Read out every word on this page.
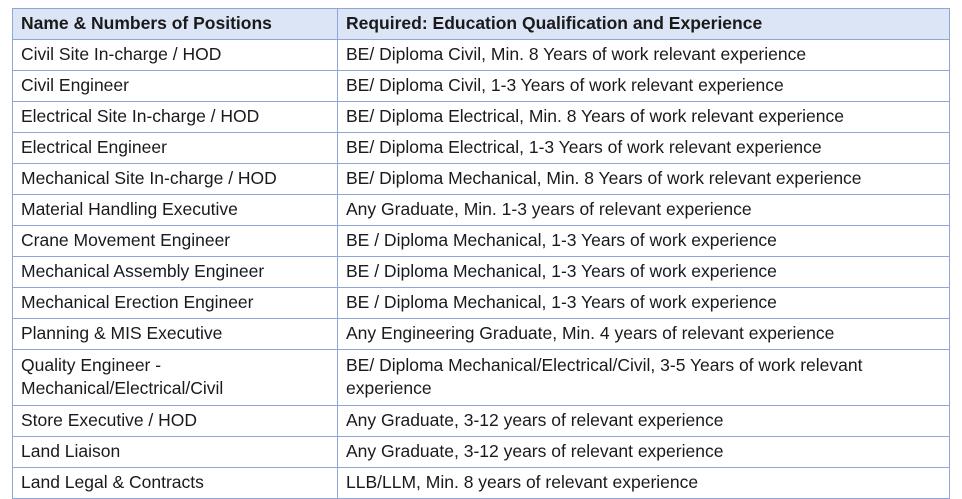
Name & Numbers of Positions	Required: Education Qualification and Experience
Civil Site In-charge / HOD	BE/ Diploma Civil, Min. 8 Years of work relevant experience
Civil Engineer	BE/ Diploma Civil, 1-3 Years of work relevant experience
Electrical Site In-charge / HOD	BE/ Diploma Electrical, Min. 8 Years of work relevant experience
Electrical Engineer	BE/ Diploma Electrical, 1-3 Years of work relevant experience
Mechanical Site In-charge / HOD	BE/ Diploma Mechanical, Min. 8 Years of work relevant experience
Material Handling Executive	Any Graduate, Min. 1-3 years of relevant experience
Crane Movement Engineer	BE / Diploma Mechanical, 1-3 Years of work experience
Mechanical Assembly Engineer	BE / Diploma Mechanical, 1-3 Years of work experience
Mechanical Erection Engineer	BE / Diploma Mechanical, 1-3 Years of work experience
Planning & MIS Executive	Any Engineering Graduate, Min. 4 years of relevant experience
Quality Engineer - Mechanical/Electrical/Civil	BE/ Diploma Mechanical/Electrical/Civil, 3-5 Years of work relevant experience
Store Executive / HOD	Any Graduate, 3-12 years of relevant experience
Land Liaison	Any Graduate, 3-12 years of relevant experience
Land Legal & Contracts	LLB/LLM, Min. 8 years of relevant experience
